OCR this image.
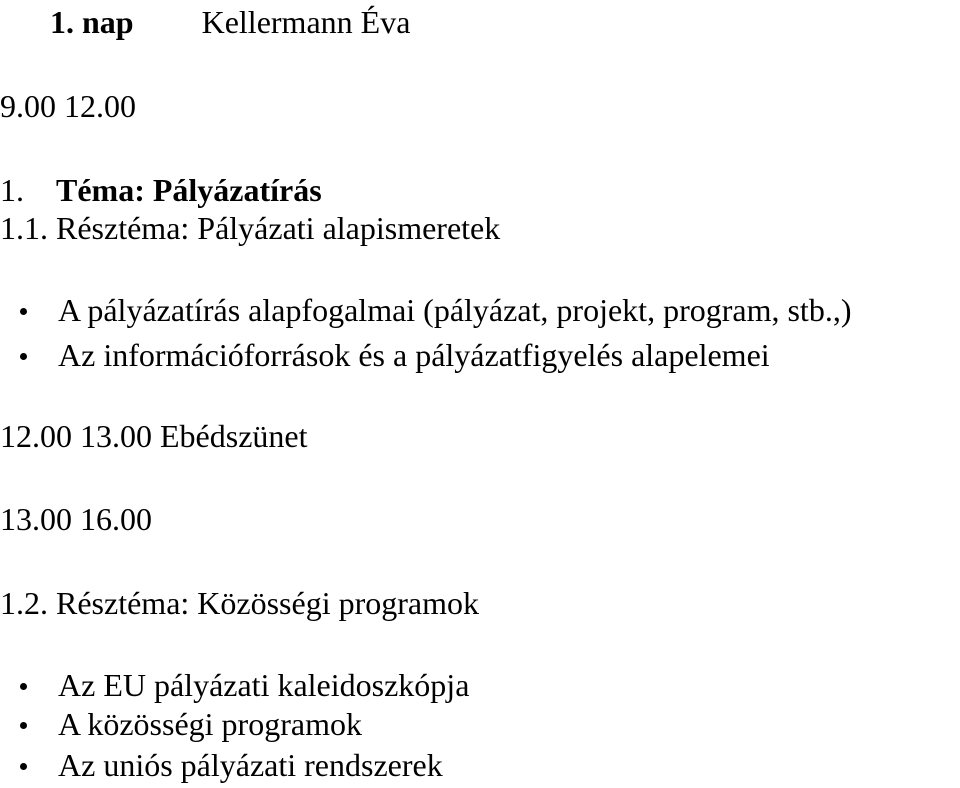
1. nap Kellermann Éva
9.00 12.00
1. Téma: Pályázatírás
1.1. Résztéma: Pályázati alapismeretek
A pályázatírás alapfogalmai (pályázat, projekt, program, stb.,)
Az információforrások és a pályázatfigyelés alapelemei
12.00 13.00 Ebédszünet
13.00 16.00
1.2. Résztéma: Közösségi programok
Az EU pályázati kaleidoszkópja
A közösségi programok
Az uniós pályázati rendszerek
